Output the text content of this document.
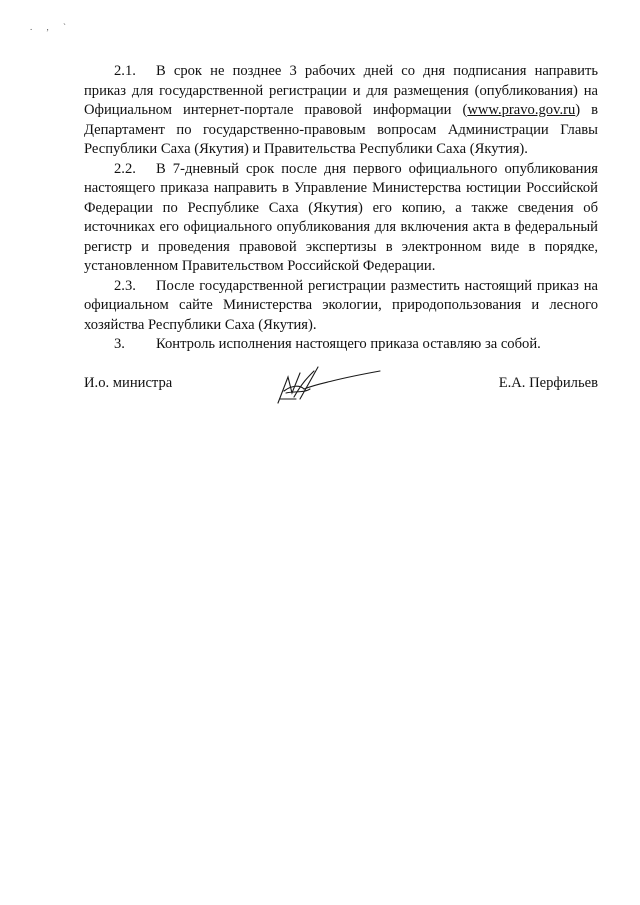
. , `

2.1. В срок не позднее 3 рабочих дней со дня подписания направить приказ для государственной регистрации и для размещения (опубликования) на Официальном интернет-портале правовой информации (www.pravo.gov.ru) в Департамент по государственно-правовым вопросам Администрации Главы Республики Саха (Якутия) и Правительства Республики Саха (Якутия).

2.2. В 7-дневный срок после дня первого официального опубликования настоящего приказа направить в Управление Министерства юстиции Российской Федерации по Республике Саха (Якутия) его копию, а также сведения об источниках его официального опубликования для включения акта в федеральный регистр и проведения правовой экспертизы в электронном виде в порядке, установленном Правительством Российской Федерации.

2.3. После государственной регистрации разместить настоящий приказ на официальном сайте Министерства экологии, природопользования и лесного хозяйства Республики Саха (Якутия).

3. Контроль исполнения настоящего приказа оставляю за собой.

И.о. министра	Е.А. Перфильев
